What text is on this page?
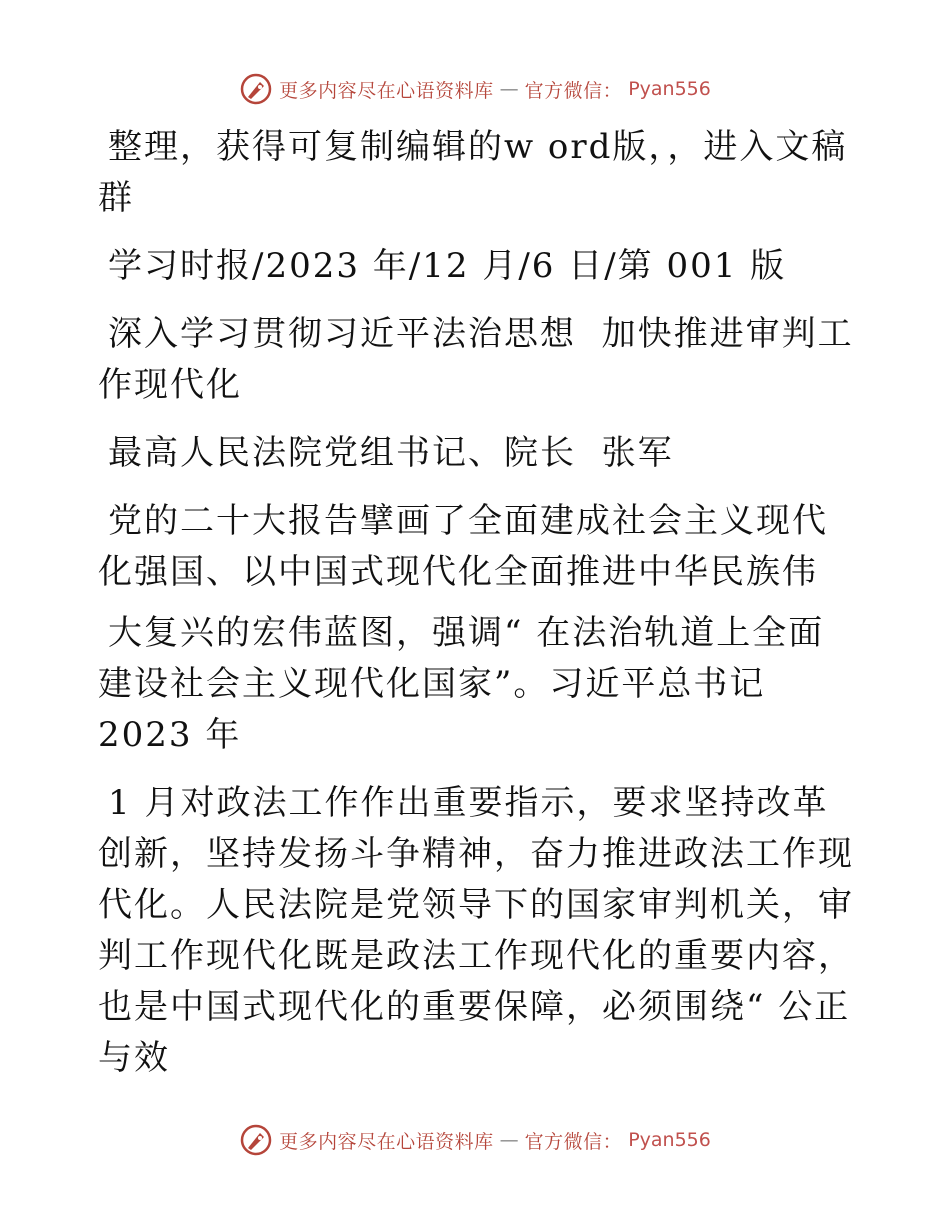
更多内容尽在心语资料库 — 官方微信： Pyan556

整理，获得可复制编辑的w ord版，，进入文稿群

学习时报/2023 年/12 月/6 日/第 001 版

深入学习贯彻习近平法治思想  加快推进审判工作现代化

最高人民法院党组书记、院长  张军

党的二十大报告擘画了全面建成社会主义现代化强国、以中国式现代化全面推进中华民族伟

大复兴的宏伟蓝图，强调“ 在法治轨道上全面建设社会主义现代化国家”。习近平总书记 2023 年

1 月对政法工作作出重要指示，要求坚持改革创新，坚持发扬斗争精神，奋力推进政法工作现代化。人民法院是党领导下的国家审判机关，审判工作现代化既是政法工作现代化的重要内容，也是中国式现代化的重要保障，必须围绕“ 公正与效

更多内容尽在心语资料库 — 官方微信： Pyan556
